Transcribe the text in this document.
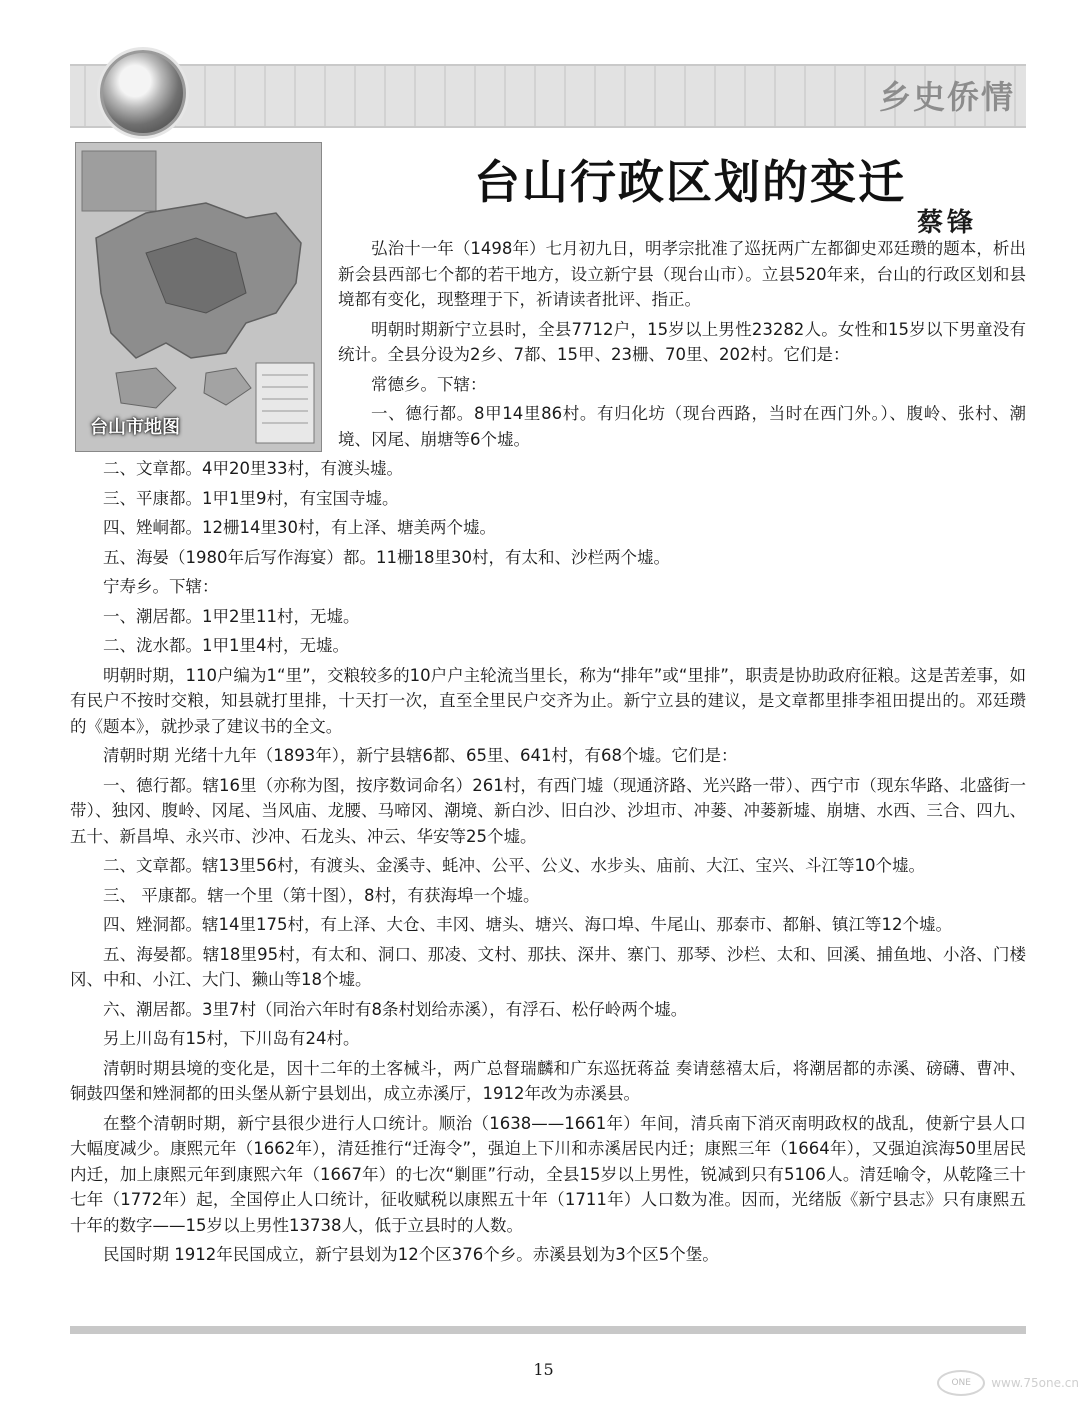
乡史侨情
台山市地图
台山行政区划的变迁
蔡锋

弘治十一年（1498年）七月初九日，明孝宗批准了巡抚两广左都御史邓廷瓒的题本，析出新会县西部七个都的若干地方，设立新宁县（现台山市）。立县520年来，台山的行政区划和县境都有变化，现整理于下，祈请读者批评、指正。

明朝时期新宁立县时，全县7712户，15岁以上男性23282人。女性和15岁以下男童没有统计。全县分设为2乡、7都、15甲、23栅、70里、202村。它们是：

常德乡。下辖：

一、德行都。8甲14里86村。有归化坊（现台西路，当时在西门外。）、腹岭、张村、潮境、冈尾、崩塘等6个墟。

二、文章都。4甲20里33村，有渡头墟。

三、平康都。1甲1里9村，有宝国寺墟。

四、矬峒都。12栅14里30村，有上泽、塘美两个墟。

五、海晏（1980年后写作海宴）都。11栅18里30村，有太和、沙栏两个墟。

宁寿乡。下辖：

一、潮居都。1甲2里11村，无墟。

二、泷水都。1甲1里4村，无墟。

明朝时期，110户编为1“里”，交粮较多的10户户主轮流当里长，称为“排年”或“里排”，职责是协助政府征粮。这是苦差事，如有民户不按时交粮，知县就打里排，十天打一次，直至全里民户交齐为止。新宁立县的建议，是文章都里排李祖田提出的。邓廷瓒的《题本》，就抄录了建议书的全文。

清朝时期 光绪十九年（1893年），新宁县辖6都、65里、641村，有68个墟。它们是：

一、德行都。辖16里（亦称为图，按序数词命名）261村，有西门墟（现通济路、光兴路一带）、西宁市（现东华路、北盛街一带）、独冈、腹岭、冈尾、当风庙、龙腰、马啼冈、潮境、新白沙、旧白沙、沙坦市、冲蒌、冲蒌新墟、崩塘、水西、三合、四九、五十、新昌埠、永兴市、沙冲、石龙头、冲云、华安等25个墟。

二、文章都。辖13里56村，有渡头、金溪寺、蚝冲、公平、公义、水步头、庙前、大江、宝兴、斗江等10个墟。

三、 平康都。辖一个里（第十图），8村，有获海埠一个墟。

四、矬洞都。辖14里175村，有上泽、大仓、丰冈、塘头、塘兴、海口埠、牛尾山、那泰市、都斛、镇江等12个墟。

五、海晏都。辖18里95村，有太和、洞口、那凌、文村、那扶、深井、寨门、那琴、沙栏、太和、回溪、捕鱼地、小洛、门楼冈、中和、小江、大门、獭山等18个墟。

六、潮居都。3里7村（同治六年时有8条村划给赤溪），有浮石、松仔岭两个墟。

另上川岛有15村，下川岛有24村。

清朝时期县境的变化是，因十二年的土客械斗，两广总督瑞麟和广东巡抚蒋益 奏请慈禧太后，将潮居都的赤溪、磅礴、曹冲、铜鼓四堡和矬洞都的田头堡从新宁县划出，成立赤溪厅，1912年改为赤溪县。

在整个清朝时期，新宁县很少进行人口统计。顺治（1638——1661年）年间，清兵南下消灭南明政权的战乱，使新宁县人口大幅度减少。康熙元年（1662年），清廷推行“迁海令”，强迫上下川和赤溪居民内迁；康熙三年（1664年），又强迫滨海50里居民内迁，加上康熙元年到康熙六年（1667年）的七次“剿匪”行动，全县15岁以上男性，锐减到只有5106人。清廷喻令，从乾隆三十七年（1772年）起，全国停止人口统计，征收赋税以康熙五十年（1711年）人口数为准。因而，光绪版《新宁县志》只有康熙五十年的数字——15岁以上男性13738人，低于立县时的人数。

民国时期 1912年民国成立，新宁县划为12个区376个乡。赤溪县划为3个区5个堡。

15
ONE	www.75one.cn
